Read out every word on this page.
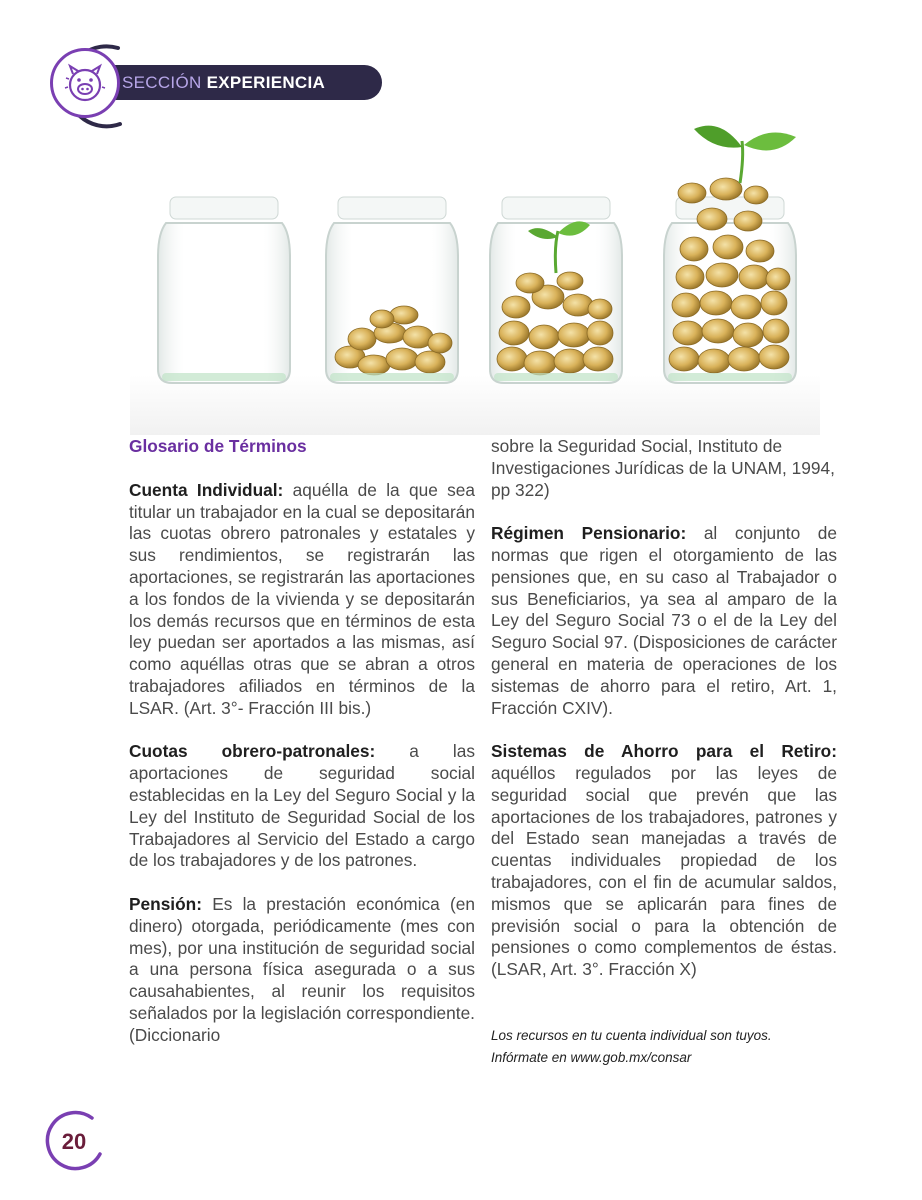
SECCIÓN EXPERIENCIA
Glosario de Términos

Cuenta Individual: aquélla de la que sea titular un trabajador en la cual se depositarán las cuotas obrero patronales y estatales y sus rendimientos, se registrarán las aportaciones, se registrarán las aportaciones a los fondos de la vivienda y se depositarán los demás recursos que en términos de esta ley puedan ser aportados a las mismas, así como aquéllas otras que se abran a otros trabajadores afiliados en términos de la LSAR. (Art. 3°- Fracción III bis.)

Cuotas obrero-patronales: a las aportaciones de seguridad social establecidas en la Ley del Seguro Social y la Ley del Instituto de Seguridad Social de los Trabajadores al Servicio del Estado a cargo de los trabajadores y de los patrones.

Pensión: Es la prestación económica (en dinero) otorgada, periódicamente (mes con mes), por una institución de seguridad social a una persona física asegurada o a sus causahabientes, al reunir los requisitos señalados por la legislación correspondiente. (Diccionario

sobre la Seguridad Social, Instituto de Investigaciones Jurídicas de la UNAM, 1994, pp 322)

Régimen Pensionario: al conjunto de normas que rigen el otorgamiento de las pensiones que, en su caso al Trabajador o sus Beneficiarios, ya sea al amparo de la Ley del Seguro Social 73 o el de la Ley del Seguro Social 97. (Disposiciones de carácter general en materia de operaciones de los sistemas de ahorro para el retiro, Art. 1, Fracción CXIV).

Sistemas de Ahorro para el Retiro: aquéllos regulados por las leyes de seguridad social que prevén que las aportaciones de los trabajadores, patrones y del Estado sean manejadas a través de cuentas individuales propiedad de los trabajadores, con el fin de acumular saldos, mismos que se aplicarán para fines de previsión social o para la obtención de pensiones o como complementos de éstas. (LSAR, Art. 3°. Fracción X)

Los recursos en tu cuenta individual son tuyos.
Infórmate en www.gob.mx/consar
20
